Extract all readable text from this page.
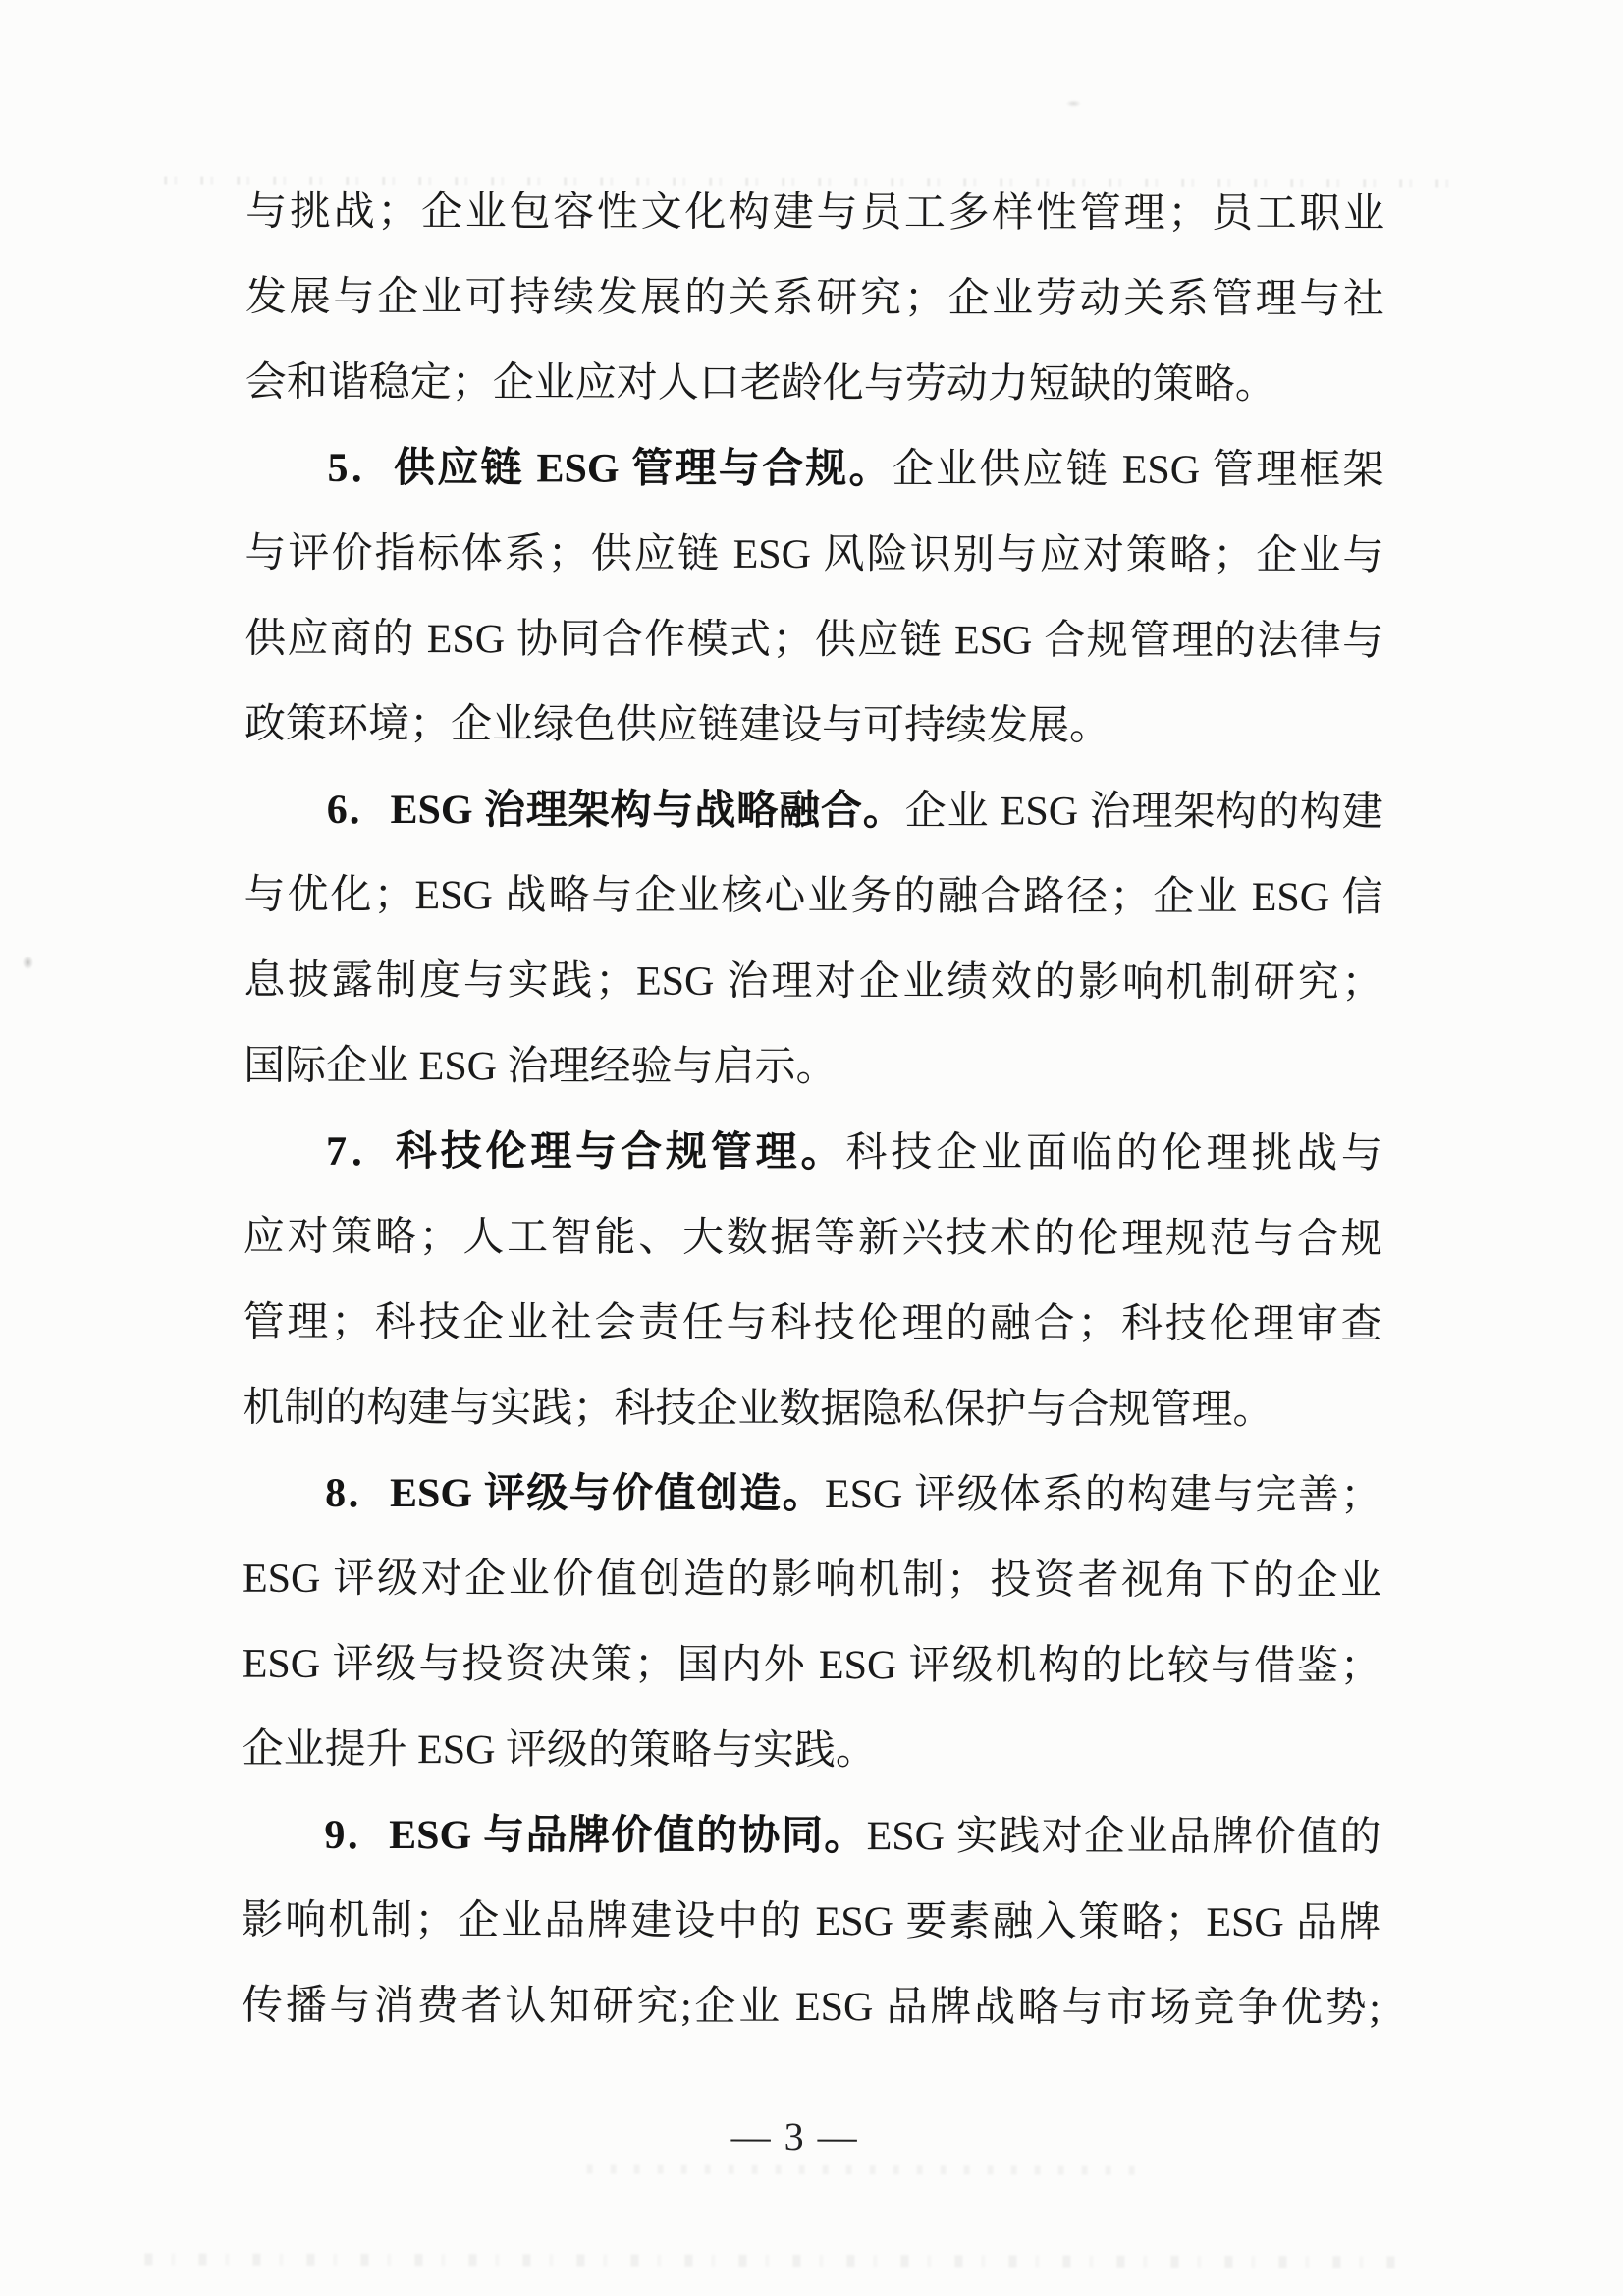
与挑战；企业包容性文化构建与员工多样性管理；员工职业
发展与企业可持续发展的关系研究；企业劳动关系管理与社
会和谐稳定；企业应对人口老龄化与劳动力短缺的策略。
5．供应链 ESG 管理与合规。企业供应链 ESG 管理框架
与评价指标体系；供应链 ESG 风险识别与应对策略；企业与
供应商的 ESG 协同合作模式；供应链 ESG 合规管理的法律与
政策环境；企业绿色供应链建设与可持续发展。
6．ESG 治理架构与战略融合。企业 ESG 治理架构的构建
与优化；ESG 战略与企业核心业务的融合路径；企业 ESG 信
息披露制度与实践；ESG 治理对企业绩效的影响机制研究；
国际企业 ESG 治理经验与启示。
7．科技伦理与合规管理。科技企业面临的伦理挑战与
应对策略；人工智能、大数据等新兴技术的伦理规范与合规
管理；科技企业社会责任与科技伦理的融合；科技伦理审查
机制的构建与实践；科技企业数据隐私保护与合规管理。
8．ESG 评级与价值创造。ESG 评级体系的构建与完善；
ESG 评级对企业价值创造的影响机制；投资者视角下的企业
ESG 评级与投资决策；国内外 ESG 评级机构的比较与借鉴；
企业提升 ESG 评级的策略与实践。
9．ESG 与品牌价值的协同。ESG 实践对企业品牌价值的
影响机制；企业品牌建设中的 ESG 要素融入策略；ESG 品牌
传播与消费者认知研究;企业 ESG 品牌战略与市场竞争优势;
— 3 —
